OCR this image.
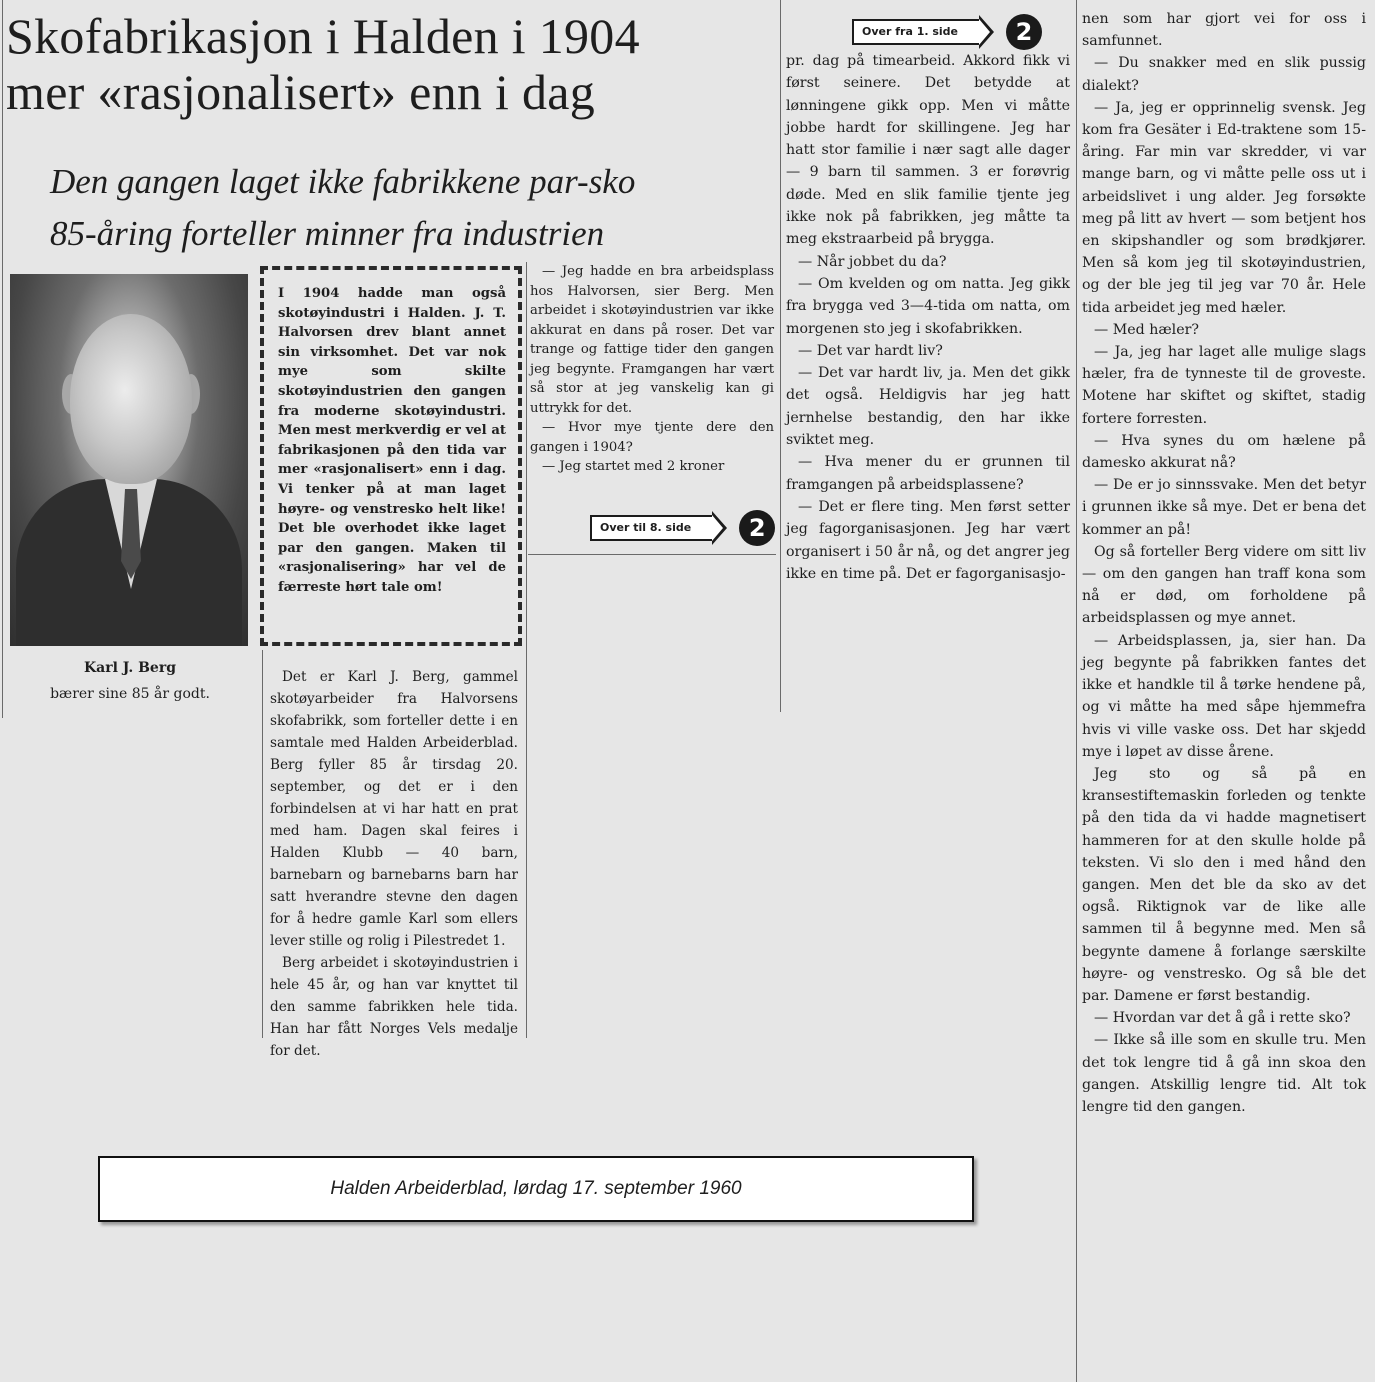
Skofabrikasjon i Halden i 1904
mer «rasjonalisert» enn i dag
Den gangen laget ikke fabrikkene par-sko
85-åring forteller minner fra industrien

Karl J. Berg

bærer sine 85 år godt.

I 1904 hadde man også skotøyindustri i Halden. J. T. Halvorsen drev blant annet sin virksomhet. Det var nok mye som skilte skotøyindustrien den gangen fra moderne skotøyindustri. Men mest merkverdig er vel at fabrikasjonen på den tida var mer «rasjonalisert» enn i dag. Vi tenker på at man laget høyre- og venstresko helt like! Det ble overhodet ikke laget par den gangen. Maken til «rasjonalisering» har vel de færreste hørt tale om!

Det er Karl J. Berg, gammel skotøyarbeider fra Halvorsens skofabrikk, som forteller dette i en samtale med Halden Arbeiderblad. Berg fyller 85 år tirsdag 20. september, og det er i den forbindelsen at vi har hatt en prat med ham. Dagen skal feires i Halden Klubb — 40 barn, barnebarn og barnebarns barn har satt hverandre stevne den dagen for å hedre gamle Karl som ellers lever stille og rolig i Pilestredet 1.

Berg arbeidet i skotøyindustrien i hele 45 år, og han var knyttet til den samme fabrikken hele tida. Han har fått Norges Vels medalje for det.

— Jeg hadde en bra arbeidsplass hos Halvorsen, sier Berg. Men arbeidet i skotøyindustrien var ikke akkurat en dans på roser. Det var trange og fattige tider den gangen jeg begynte. Framgangen har vært så stor at jeg vanskelig kan gi uttrykk for det.

— Hvor mye tjente dere den gangen i 1904?

— Jeg startet med 2 kroner

Over til 8. side	2
Over fra 1. side	2

pr. dag på timearbeid. Akkord fikk vi først seinere. Det betydde at lønningene gikk opp. Men vi måtte jobbe hardt for skillingene. Jeg har hatt stor familie i nær sagt alle dager — 9 barn til sammen. 3 er forøvrig døde. Med en slik familie tjente jeg ikke nok på fabrikken, jeg måtte ta meg ekstraarbeid på brygga.

— Når jobbet du da?

— Om kvelden og om natta. Jeg gikk fra brygga ved 3—4-tida om natta, om morgenen sto jeg i skofabrikken.

— Det var hardt liv?

— Det var hardt liv, ja. Men det gikk det også. Heldigvis har jeg hatt jernhelse bestandig, den har ikke sviktet meg.

— Hva mener du er grunnen til framgangen på arbeidsplassene?

— Det er flere ting. Men først setter jeg fagorganisasjonen. Jeg har vært organisert i 50 år nå, og det angrer jeg ikke en time på. Det er fagorganisasjo-

nen som har gjort vei for oss i samfunnet.

— Du snakker med en slik pussig dialekt?

— Ja, jeg er opprinnelig svensk. Jeg kom fra Gesäter i Ed-traktene som 15-åring. Far min var skredder, vi var mange barn, og vi måtte pelle oss ut i arbeidslivet i ung alder. Jeg forsøkte meg på litt av hvert — som betjent hos en skipshandler og som brødkjører. Men så kom jeg til skotøyindustrien, og der ble jeg til jeg var 70 år. Hele tida arbeidet jeg med hæler.

— Med hæler?

— Ja, jeg har laget alle mulige slags hæler, fra de tynneste til de groveste. Motene har skiftet og skiftet, stadig fortere forresten.

— Hva synes du om hælene på damesko akkurat nå?

— De er jo sinnssvake. Men det betyr i grunnen ikke så mye. Det er bena det kommer an på!

Og så forteller Berg videre om sitt liv — om den gangen han traff kona som nå er død, om forholdene på arbeidsplassen og mye annet.

— Arbeidsplassen, ja, sier han. Da jeg begynte på fabrikken fantes det ikke et handkle til å tørke hendene på, og vi måtte ha med såpe hjemmefra hvis vi ville vaske oss. Det har skjedd mye i løpet av disse årene.

Jeg sto og så på en kransestiftemaskin forleden og tenkte på den tida da vi hadde magnetisert hammeren for at den skulle holde på teksten. Vi slo den i med hånd den gangen. Men det ble da sko av det også. Riktignok var de like alle sammen til å begynne med. Men så begynte damene å forlange særskilte høyre- og venstresko. Og så ble det par. Damene er først bestandig.

— Hvordan var det å gå i rette sko?

— Ikke så ille som en skulle tru. Men det tok lengre tid å gå inn skoa den gangen. Atskillig lengre tid. Alt tok lengre tid den gangen.

Halden Arbeiderblad, lørdag 17. september 1960
